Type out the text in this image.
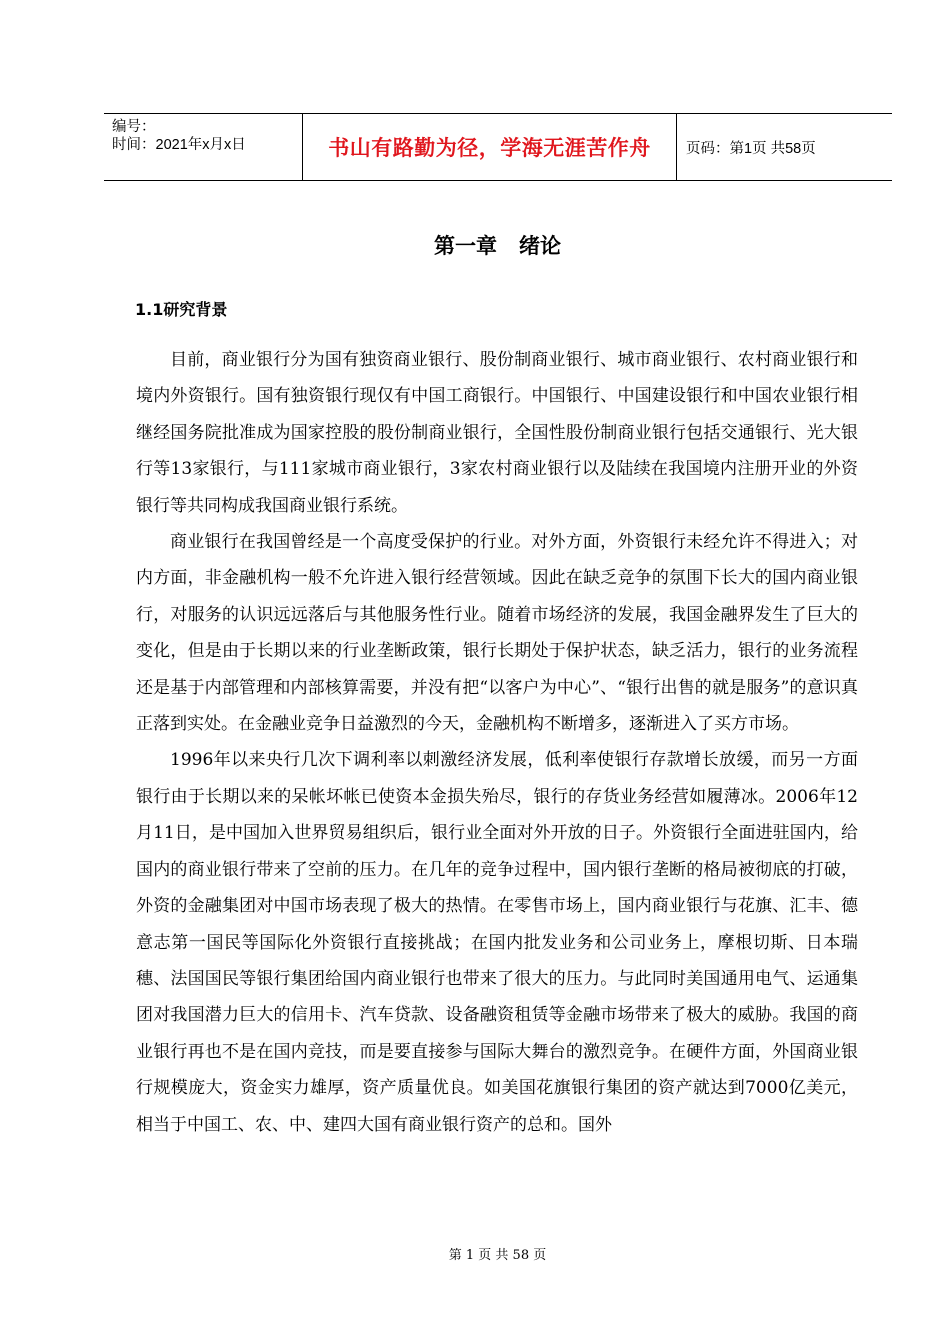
编号：
时间：2021年x月x日	书山有路勤为径，学海无涯苦作舟	页码：第1页 共58页
第一章   绪论
1.1研究背景

目前，商业银行分为国有独资商业银行、股份制商业银行、城市商业银行、农村商业银行和境内外资银行。国有独资银行现仅有中国工商银行。中国银行、中国建设银行和中国农业银行相继经国务院批准成为国家控股的股份制商业银行，全国性股份制商业银行包括交通银行、光大银行等13家银行，与111家城市商业银行，3家农村商业银行以及陆续在我国境内注册开业的外资银行等共同构成我国商业银行系统。

商业银行在我国曾经是一个高度受保护的行业。对外方面，外资银行未经允许不得进入；对内方面，非金融机构一般不允许进入银行经营领域。因此在缺乏竞争的氛围下长大的国内商业银行，对服务的认识远远落后与其他服务性行业。随着市场经济的发展，我国金融界发生了巨大的变化，但是由于长期以来的行业垄断政策，银行长期处于保护状态，缺乏活力，银行的业务流程还是基于内部管理和内部核算需要，并没有把“以客户为中心”、“银行出售的就是服务”的意识真正落到实处。在金融业竞争日益激烈的今天，金融机构不断增多，逐渐进入了买方市场。

1996年以来央行几次下调利率以刺激经济发展，低利率使银行存款增长放缓，而另一方面银行由于长期以来的呆帐坏帐已使资本金损失殆尽，银行的存货业务经营如履薄冰。2006年12月11日，是中国加入世界贸易组织后，银行业全面对外开放的日子。外资银行全面进驻国内，给国内的商业银行带来了空前的压力。在几年的竞争过程中，国内银行垄断的格局被彻底的打破，外资的金融集团对中国市场表现了极大的热情。在零售市场上，国内商业银行与花旗、汇丰、德意志第一国民等国际化外资银行直接挑战；在国内批发业务和公司业务上，摩根切斯、日本瑞穗、法国国民等银行集团给国内商业银行也带来了很大的压力。与此同时美国通用电气、运通集团对我国潜力巨大的信用卡、汽车贷款、设备融资租赁等金融市场带来了极大的威胁。我国的商业银行再也不是在国内竞技，而是要直接参与国际大舞台的激烈竞争。在硬件方面，外国商业银行规模庞大，资金实力雄厚，资产质量优良。如美国花旗银行集团的资产就达到7000亿美元，相当于中国工、农、中、建四大国有商业银行资产的总和。国外

第 1 页 共 58 页
